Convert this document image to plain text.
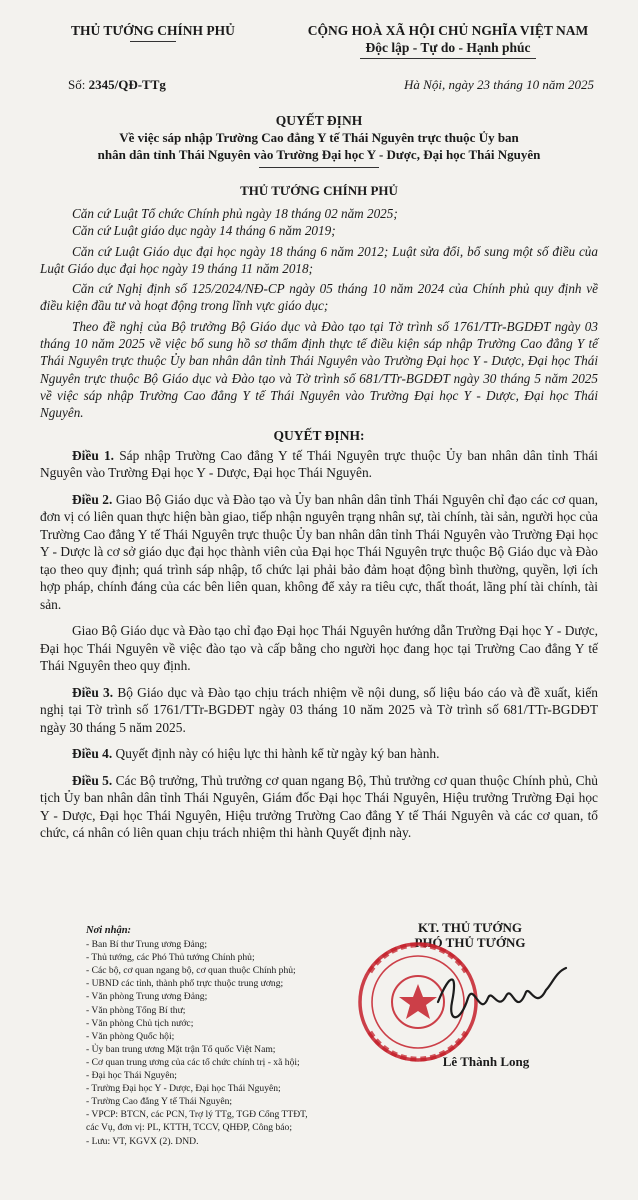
THỦ TƯỚNG CHÍNH PHỦ	CỘNG HOÀ XÃ HỘI CHỦ NGHĨA VIỆT NAM
Độc lập - Tự do - Hạnh phúc
Số: 2345/QĐ-TTg	Hà Nội, ngày 23 tháng 10 năm 2025
QUYẾT ĐỊNH
Về việc sáp nhập Trường Cao đẳng Y tế Thái Nguyên trực thuộc Ủy ban
nhân dân tỉnh Thái Nguyên vào Trường Đại học Y - Dược, Đại học Thái Nguyên
THỦ TƯỚNG CHÍNH PHỦ

Căn cứ Luật Tổ chức Chính phủ ngày 18 tháng 02 năm 2025;

Căn cứ Luật giáo dục ngày 14 tháng 6 năm 2019;

Căn cứ Luật Giáo dục đại học ngày 18 tháng 6 năm 2012; Luật sửa đổi, bổ sung một số điều của Luật Giáo dục đại học ngày 19 tháng 11 năm 2018;

Căn cứ Nghị định số 125/2024/NĐ-CP ngày 05 tháng 10 năm 2024 của Chính phủ quy định về điều kiện đầu tư và hoạt động trong lĩnh vực giáo dục;

Theo đề nghị của Bộ trưởng Bộ Giáo dục và Đào tạo tại Tờ trình số 1761/TTr-BGDĐT ngày 03 tháng 10 năm 2025 về việc bổ sung hồ sơ thẩm định thực tế điều kiện sáp nhập Trường Cao đẳng Y tế Thái Nguyên trực thuộc Ủy ban nhân dân tỉnh Thái Nguyên vào Trường Đại học Y - Dược, Đại học Thái Nguyên trực thuộc Bộ Giáo dục và Đào tạo và Tờ trình số 681/TTr-BGDĐT ngày 30 tháng 5 năm 2025 về việc sáp nhập Trường Cao đẳng Y tế Thái Nguyên vào Trường Đại học Y - Dược, Đại học Thái Nguyên.

QUYẾT ĐỊNH:

Điều 1. Sáp nhập Trường Cao đẳng Y tế Thái Nguyên trực thuộc Ủy ban nhân dân tỉnh Thái Nguyên vào Trường Đại học Y - Dược, Đại học Thái Nguyên.

Điều 2. Giao Bộ Giáo dục và Đào tạo và Ủy ban nhân dân tỉnh Thái Nguyên chỉ đạo các cơ quan, đơn vị có liên quan thực hiện bàn giao, tiếp nhận nguyên trạng nhân sự, tài chính, tài sản, người học của Trường Cao đẳng Y tế Thái Nguyên trực thuộc Ủy ban nhân dân tỉnh Thái Nguyên vào Trường Đại học Y - Dược là cơ sở giáo dục đại học thành viên của Đại học Thái Nguyên trực thuộc Bộ Giáo dục và Đào tạo theo quy định; quá trình sáp nhập, tổ chức lại phải bảo đảm hoạt động bình thường, quyền, lợi ích hợp pháp, chính đáng của các bên liên quan, không để xảy ra tiêu cực, thất thoát, lãng phí tài chính, tài sản.

Giao Bộ Giáo dục và Đào tạo chỉ đạo Đại học Thái Nguyên hướng dẫn Trường Đại học Y - Dược, Đại học Thái Nguyên về việc đào tạo và cấp bằng cho người học đang học tại Trường Cao đẳng Y tế Thái Nguyên theo quy định.

Điều 3. Bộ Giáo dục và Đào tạo chịu trách nhiệm về nội dung, số liệu báo cáo và đề xuất, kiến nghị tại Tờ trình số 1761/TTr-BGDĐT ngày 03 tháng 10 năm 2025 và Tờ trình số 681/TTr-BGDĐT ngày 30 tháng 5 năm 2025.

Điều 4. Quyết định này có hiệu lực thi hành kể từ ngày ký ban hành.

Điều 5. Các Bộ trưởng, Thủ trưởng cơ quan ngang Bộ, Thủ trưởng cơ quan thuộc Chính phủ, Chủ tịch Ủy ban nhân dân tỉnh Thái Nguyên, Giám đốc Đại học Thái Nguyên, Hiệu trưởng Trường Đại học Y - Dược, Đại học Thái Nguyên, Hiệu trưởng Trường Cao đẳng Y tế Thái Nguyên và các cơ quan, tổ chức, cá nhân có liên quan chịu trách nhiệm thi hành Quyết định này.

Nơi nhận:
- Ban Bí thư Trung ương Đảng;
- Thủ tướng, các Phó Thủ tướng Chính phủ;
- Các bộ, cơ quan ngang bộ, cơ quan thuộc Chính phủ;
- UBND các tỉnh, thành phố trực thuộc trung ương;
- Văn phòng Trung ương Đảng;
- Văn phòng Tổng Bí thư;
- Văn phòng Chủ tịch nước;
- Văn phòng Quốc hội;
- Ủy ban trung ương Mặt trận Tổ quốc Việt Nam;
- Cơ quan trung ương của các tổ chức chính trị - xã hội;
- Đại học Thái Nguyên;
- Trường Đại học Y - Dược, Đại học Thái Nguyên;
- Trường Cao đẳng Y tế Thái Nguyên;
- VPCP: BTCN, các PCN, Trợ lý TTg, TGĐ Cổng TTĐT,
các Vụ, đơn vị: PL, KTTH, TCCV, QHĐP, Công báo;
- Lưu: VT, KGVX (2). DND.
KT. THỦ TƯỚNG
PHÓ THỦ TƯỚNG
Lê Thành Long
